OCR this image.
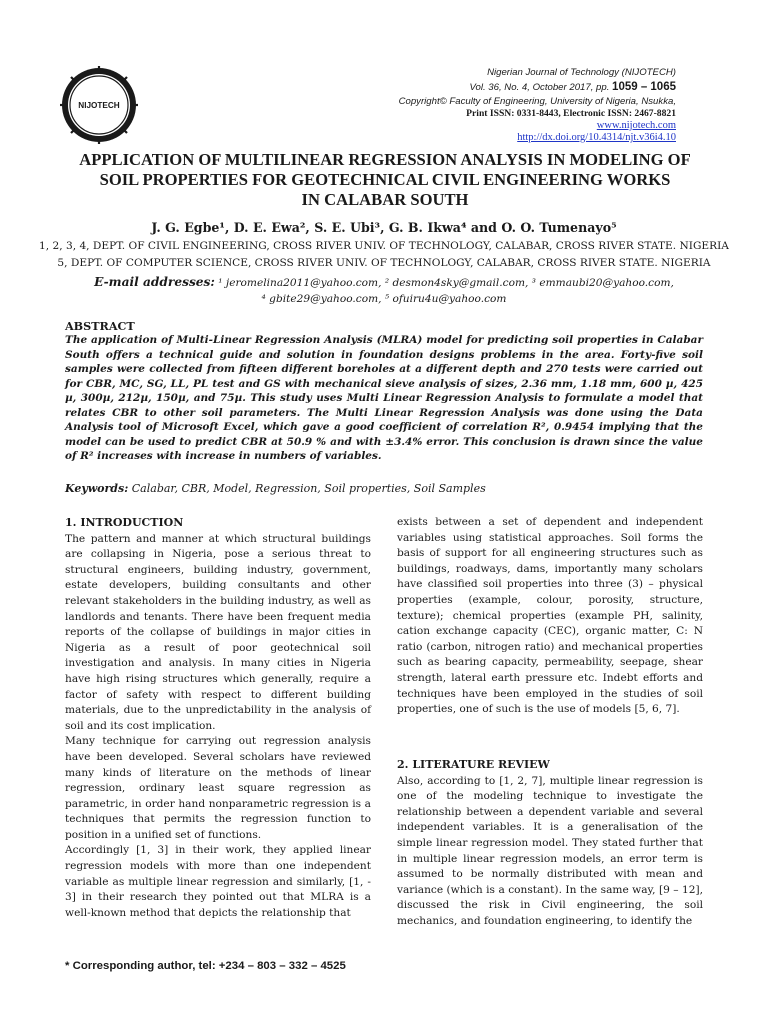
NIJOTECH
Nigerian Journal of Technology (NIJOTECH)
Vol. 36, No. 4, October 2017, pp. 1059 – 1065
Copyright© Faculty of Engineering, University of Nigeria, Nsukka,
Print ISSN: 0331-8443, Electronic ISSN: 2467-8821
www.nijotech.com
http://dx.doi.org/10.4314/njt.v36i4.10
APPLICATION OF MULTILINEAR REGRESSION ANALYSIS IN MODELING OF
SOIL PROPERTIES FOR GEOTECHNICAL CIVIL ENGINEERING WORKS
IN CALABAR SOUTH
J. G. Egbe¹, D. E. Ewa², S. E. Ubi³, G. B. Ikwa⁴ and O. O. Tumenayo⁵
1, 2, 3, 4, DEPT. OF CIVIL ENGINEERING, CROSS RIVER UNIV. OF TECHNOLOGY, CALABAR, CROSS RIVER STATE. NIGERIA
5, DEPT. OF COMPUTER SCIENCE, CROSS RIVER UNIV. OF TECHNOLOGY, CALABAR, CROSS RIVER STATE. NIGERIA
E-mail addresses: ¹ jeromelina2011@yahoo.com, ² desmon4sky@gmail.com, ³ emmaubi20@yahoo.com,
⁴ gbite29@yahoo.com, ⁵ ofuiru4u@yahoo.com
ABSTRACT

The application of Multi-Linear Regression Analysis (MLRA) model for predicting soil properties in Calabar South offers a technical guide and solution in foundation designs problems in the area. Forty-five soil samples were collected from fifteen different boreholes at a different depth and 270 tests were carried out for CBR, MC, SG, LL, PL test and GS with mechanical sieve analysis of sizes, 2.36 mm, 1.18 mm, 600 µ, 425 µ, 300µ, 212µ, 150µ, and 75µ. This study uses Multi Linear Regression Analysis to formulate a model that relates CBR to other soil parameters. The Multi Linear Regression Analysis was done using the Data Analysis tool of Microsoft Excel, which gave a good coefficient of correlation R², 0.9454 implying that the model can be used to predict CBR at 50.9 % and with ±3.4% error. This conclusion is drawn since the value of R² increases with increase in numbers of variables.

Keywords: Calabar, CBR, Model, Regression, Soil properties, Soil Samples
1. INTRODUCTION

The pattern and manner at which structural buildings are collapsing in Nigeria, pose a serious threat to structural engineers, building industry, government, estate developers, building consultants and other relevant stakeholders in the building industry, as well as landlords and tenants. There have been frequent media reports of the collapse of buildings in major cities in Nigeria as a result of poor geotechnical soil investigation and analysis. In many cities in Nigeria have high rising structures which generally, require a factor of safety with respect to different building materials, due to the unpredictability in the analysis of soil and its cost implication.

Many technique for carrying out regression analysis have been developed. Several scholars have reviewed many kinds of literature on the methods of linear regression, ordinary least square regression as parametric, in order hand nonparametric regression is a techniques that permits the regression function to position in a unified set of functions.

Accordingly [1, 3] in their work, they applied linear regression models with more than one independent variable as multiple linear regression and similarly, [1, - 3] in their research they pointed out that MLRA is a well-known method that depicts the relationship that

exists between a set of dependent and independent variables using statistical approaches. Soil forms the basis of support for all engineering structures such as buildings, roadways, dams, importantly many scholars have classified soil properties into three (3) – physical properties (example, colour, porosity, structure, texture); chemical properties (example PH, salinity, cation exchange capacity (CEC), organic matter, C: N ratio (carbon, nitrogen ratio) and mechanical properties such as bearing capacity, permeability, seepage, shear strength, lateral earth pressure etc. Indebt efforts and techniques have been employed in the studies of soil properties, one of such is the use of models [5, 6, 7].

2. LITERATURE REVIEW

Also, according to [1, 2, 7], multiple linear regression is one of the modeling technique to investigate the relationship between a dependent variable and several independent variables. It is a generalisation of the simple linear regression model. They stated further that in multiple linear regression models, an error term is assumed to be normally distributed with mean and variance (which is a constant). In the same way, [9 – 12], discussed the risk in Civil engineering, the soil mechanics, and foundation engineering, to identify the

* Corresponding author, tel: +234 – 803 – 332 – 4525
